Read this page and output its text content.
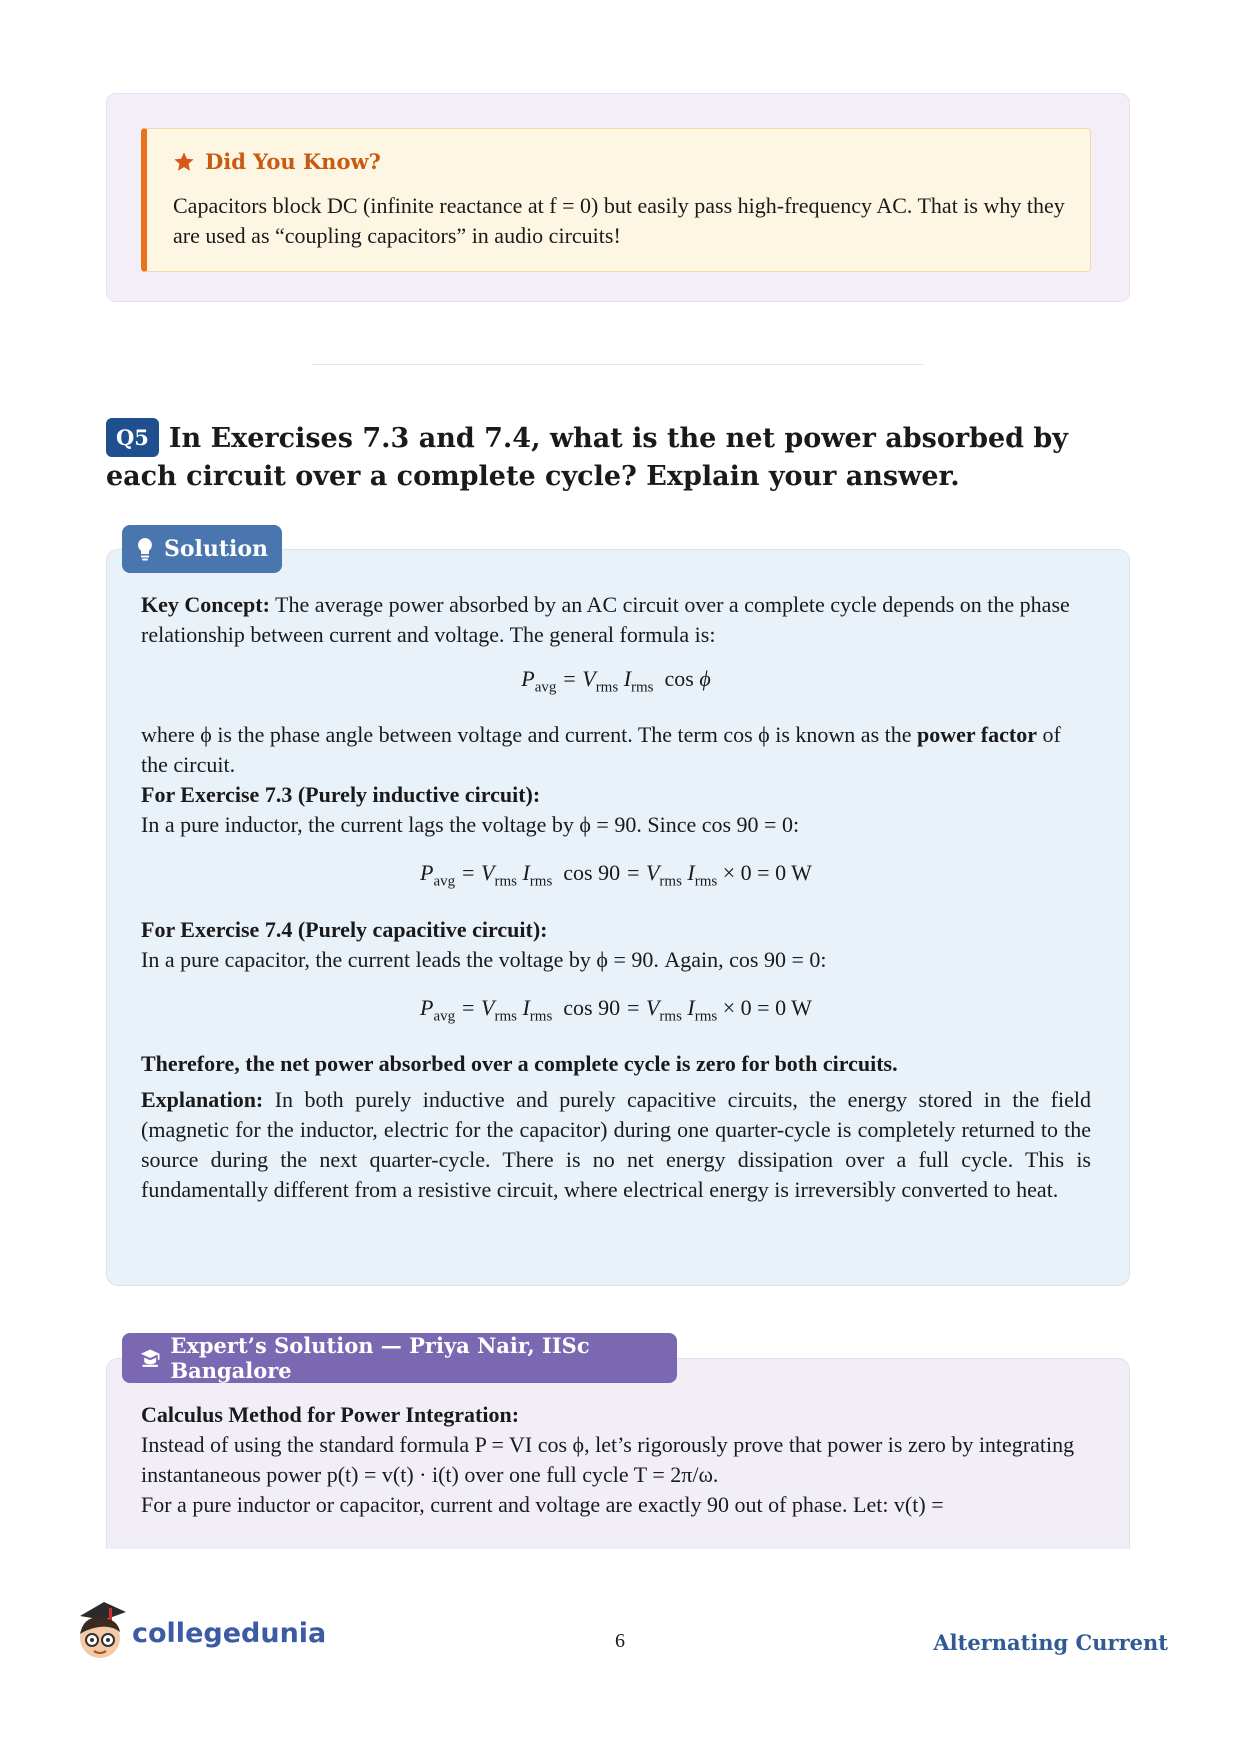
Did You Know?
Capacitors block DC (infinite reactance at f = 0) but easily pass high-frequency AC. That is why they are used as “coupling capacitors” in audio circuits!
Q5 In Exercises 7.3 and 7.4, what is the net power absorbed by each circuit over a complete cycle? Explain your answer.
Solution

Key Concept: The average power absorbed by an AC circuit over a complete cycle depends on the phase relationship between current and voltage. The general formula is:

$P_{avg} = V_{rms}$ $I_{rms}$ cos ϕ

where ϕ is the phase angle between voltage and current. The term cos ϕ is known as the power factor of the circuit.

For Exercise 7.3 (Purely inductive circuit):

In a pure inductor, the current lags the voltage by ϕ = 90. Since cos 90 = 0:

$P_{avg} = V_{rms}$ $I_{rms}$ $\cos 90 = V_{rms}$ $I_{rms} \times 0 = 0$ W

For Exercise 7.4 (Purely capacitive circuit):

In a pure capacitor, the current leads the voltage by ϕ = 90. Again, cos 90 = 0:

$P_{avg} = V_{rms}$ $I_{rms}$ $\cos 90 = V_{rms}$ $I_{rms} \times 0 = 0$ W

Therefore, the net power absorbed over a complete cycle is zero for both circuits.

Explanation: In both purely inductive and purely capacitive circuits, the energy stored in the field (magnetic for the inductor, electric for the capacitor) during one quarter-cycle is completely returned to the source during the next quarter-cycle. There is no net energy dissipation over a full cycle. This is fundamentally different from a resistive circuit, where electrical energy is irreversibly converted to heat.

Expert’s Solution — Priya Nair, IISc Bangalore

Calculus Method for Power Integration:

Instead of using the standard formula P = VI cos ϕ, let’s rigorously prove that power is zero by integrating instantaneous power p(t) = v(t) · i(t) over one full cycle T = 2π/ω.

For a pure inductor or capacitor, current and voltage are exactly 90 out of phase. Let: v(t) =

collegedunia	6	Alternating Current
